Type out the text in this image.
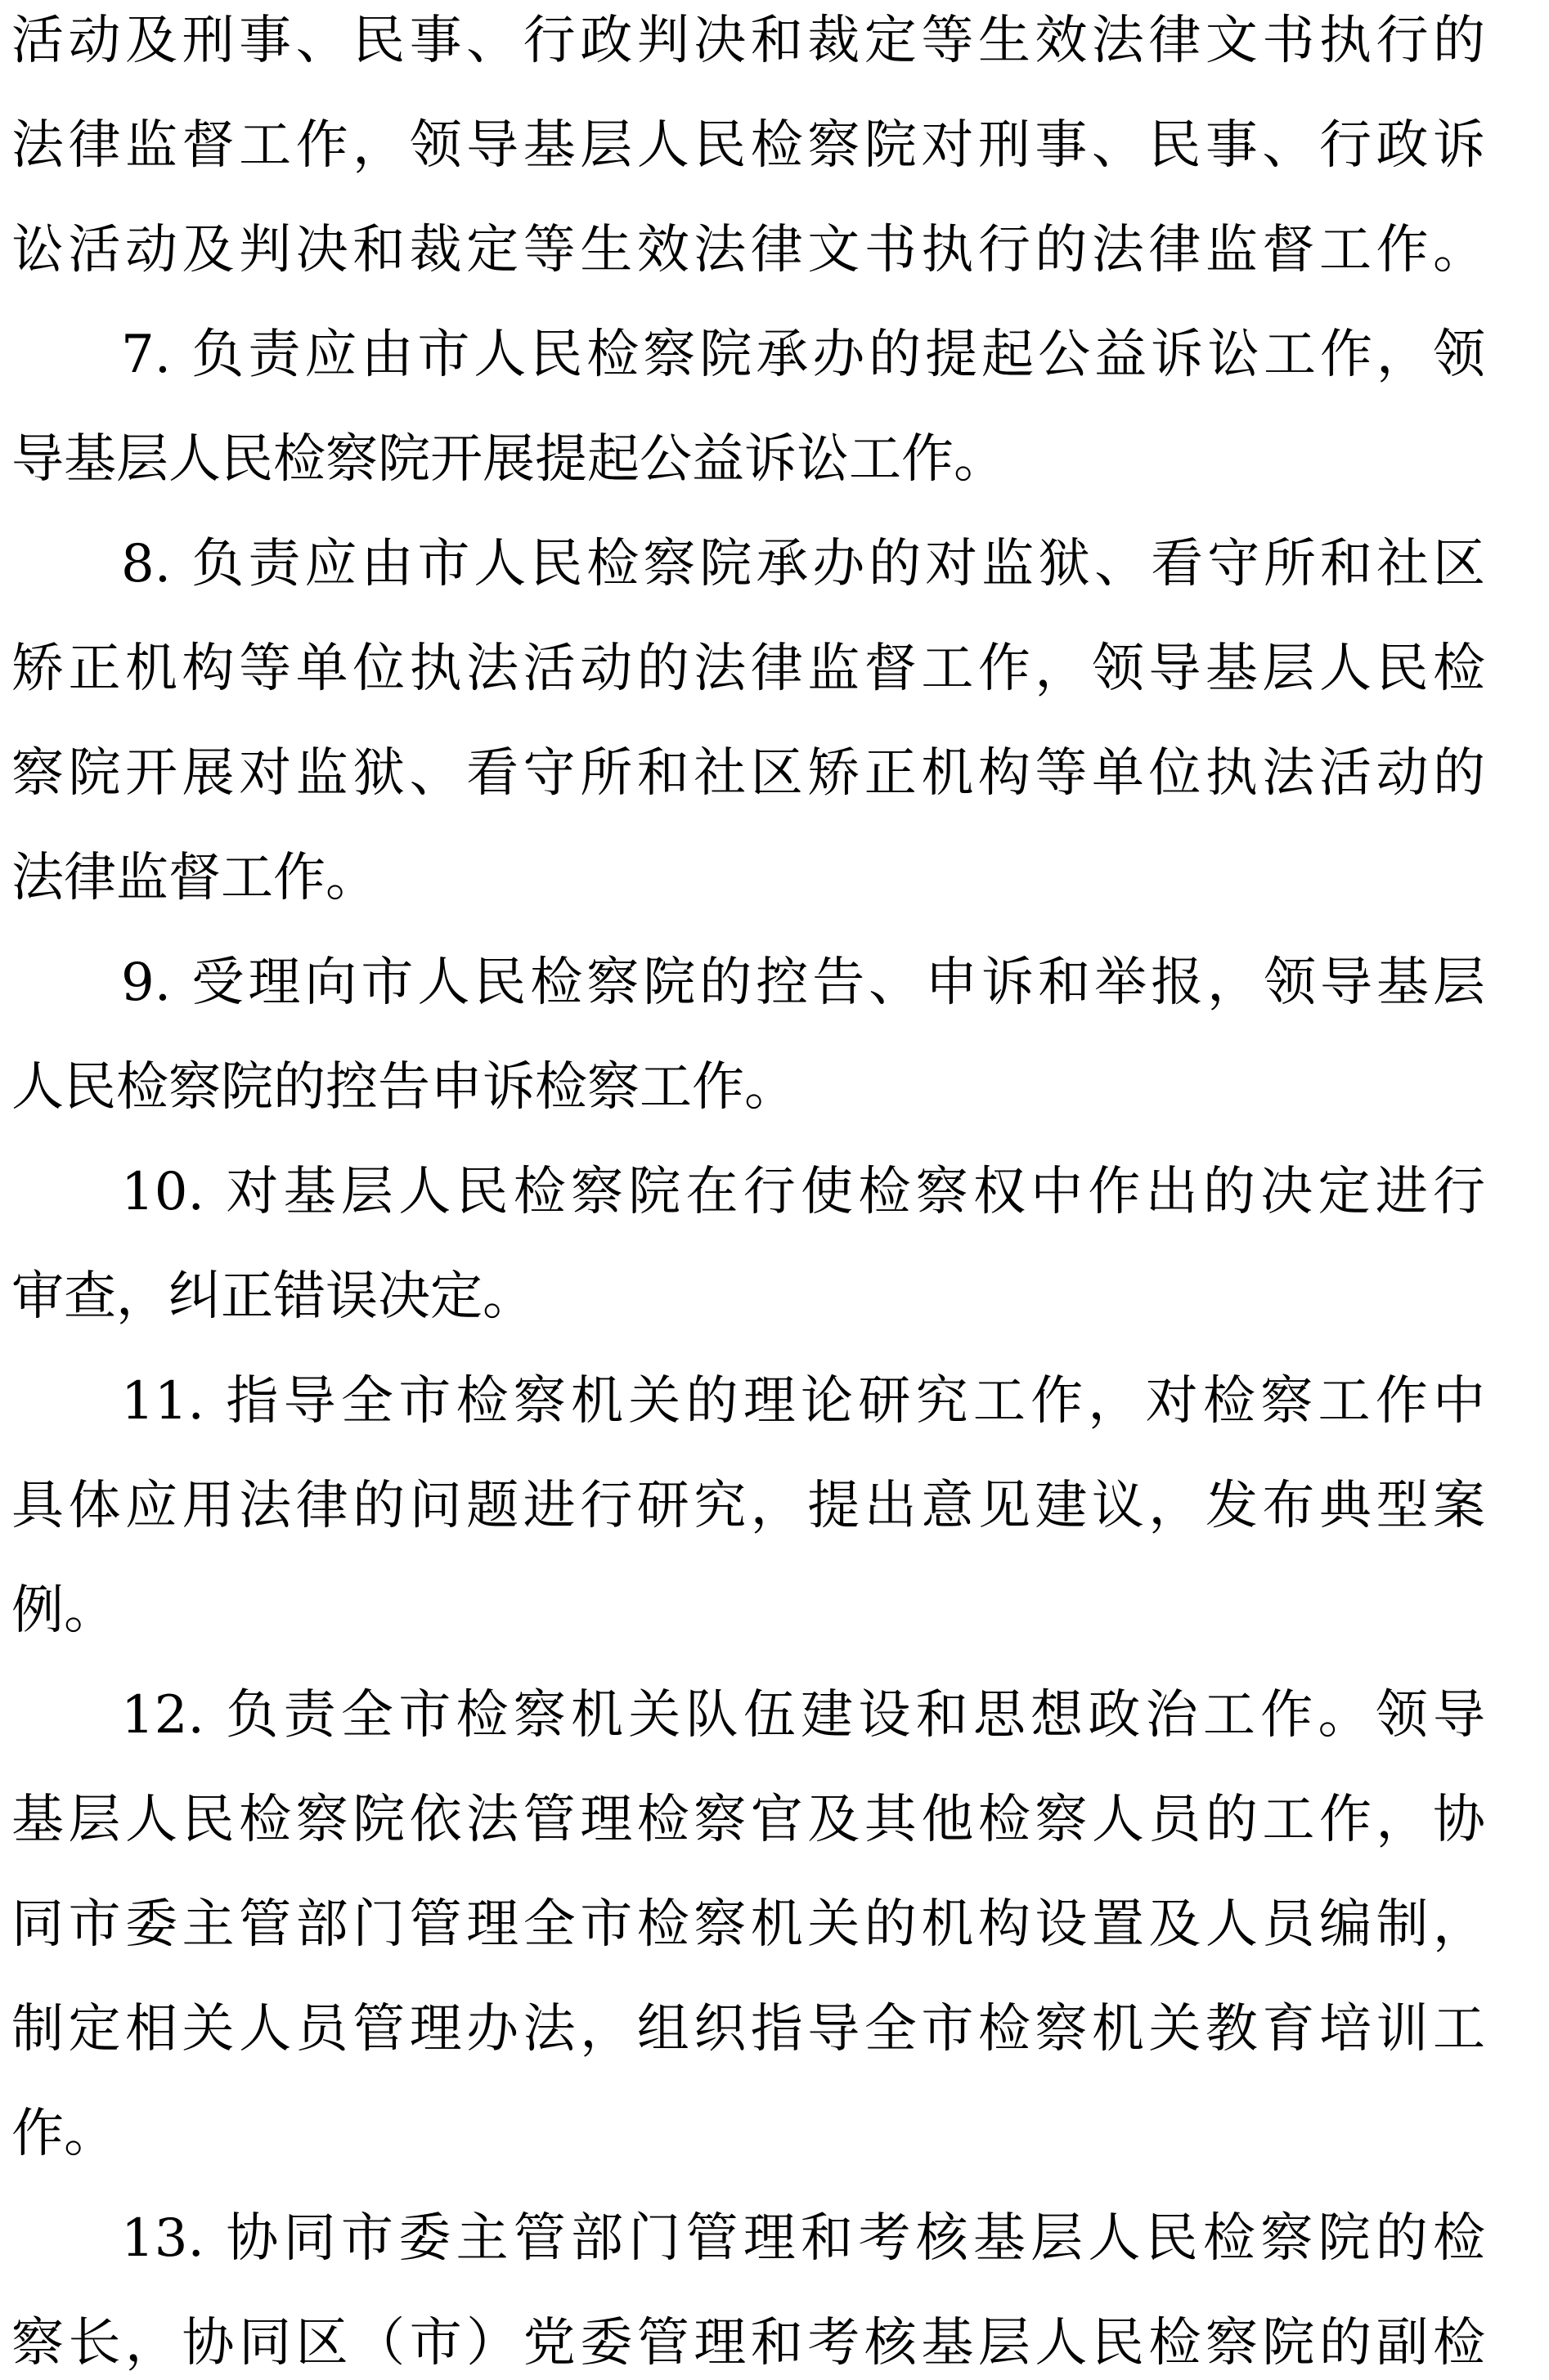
活动及刑事、民事、行政判决和裁定等生效法律文书执行的
法律监督工作，领导基层人民检察院对刑事、民事、行政诉
讼活动及判决和裁定等生效法律文书执行的法律监督工作。
7. 负责应由市人民检察院承办的提起公益诉讼工作，领
导基层人民检察院开展提起公益诉讼工作。
8. 负责应由市人民检察院承办的对监狱、看守所和社区
矫正机构等单位执法活动的法律监督工作，领导基层人民检
察院开展对监狱、看守所和社区矫正机构等单位执法活动的
法律监督工作。
9. 受理向市人民检察院的控告、申诉和举报，领导基层
人民检察院的控告申诉检察工作。
10. 对基层人民检察院在行使检察权中作出的决定进行
审查，纠正错误决定。
11. 指导全市检察机关的理论研究工作，对检察工作中
具体应用法律的问题进行研究，提出意见建议，发布典型案
例。
12. 负责全市检察机关队伍建设和思想政治工作。领导
基层人民检察院依法管理检察官及其他检察人员的工作，协
同市委主管部门管理全市检察机关的机构设置及人员编制，
制定相关人员管理办法，组织指导全市检察机关教育培训工
作。
13. 协同市委主管部门管理和考核基层人民检察院的检
察长，协同区（市）党委管理和考核基层人民检察院的副检
